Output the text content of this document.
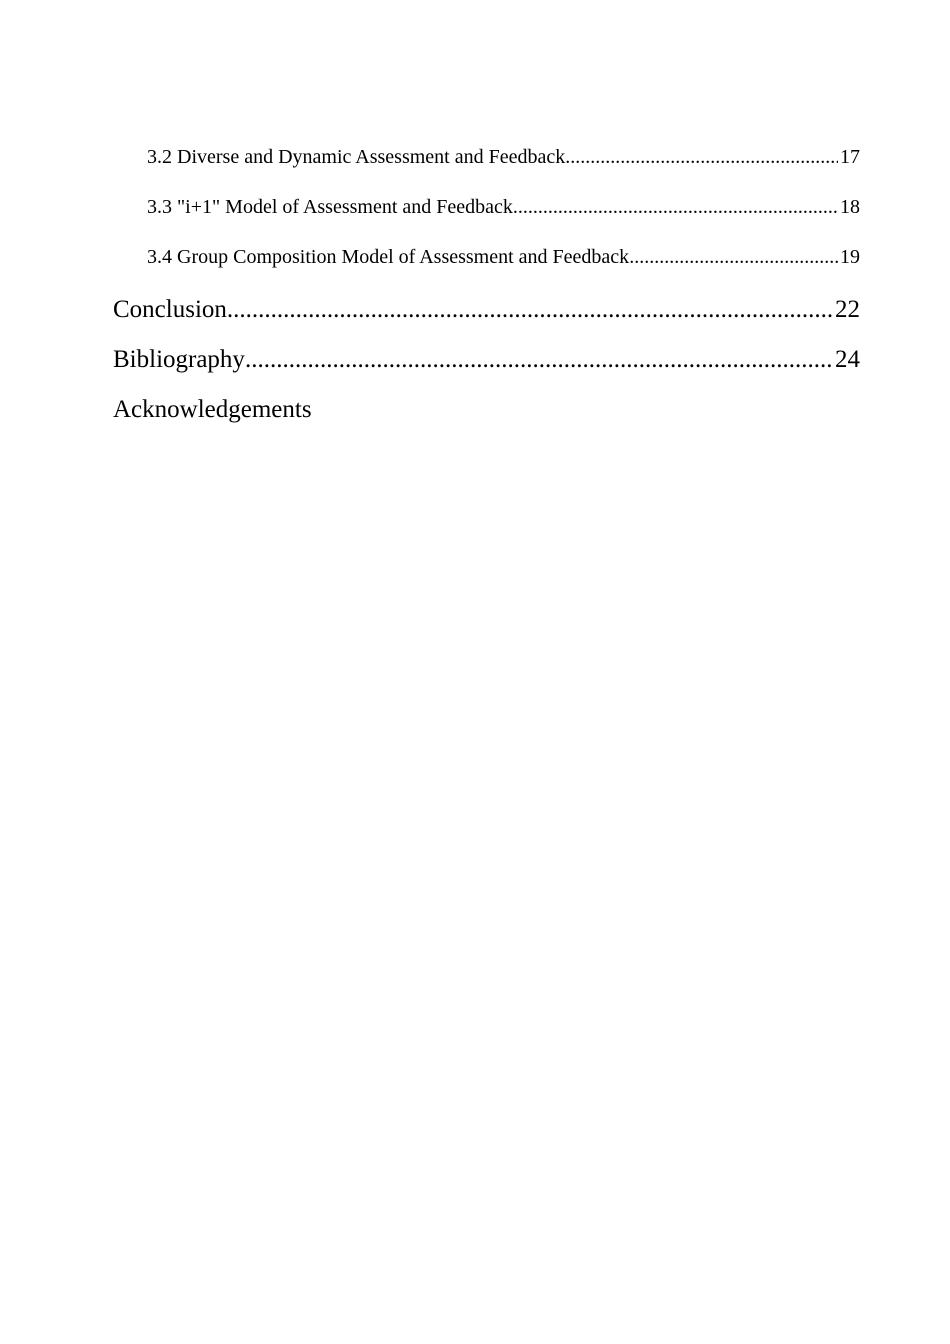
3.2 Diverse and Dynamic Assessment and Feedback .....	17
3.3 "i+1" Model of Assessment and Feedback .....	18
3.4 Group Composition Model of Assessment and Feedback .....	19
Conclusion .....	22
Bibliography .....	24
Acknowledgements
